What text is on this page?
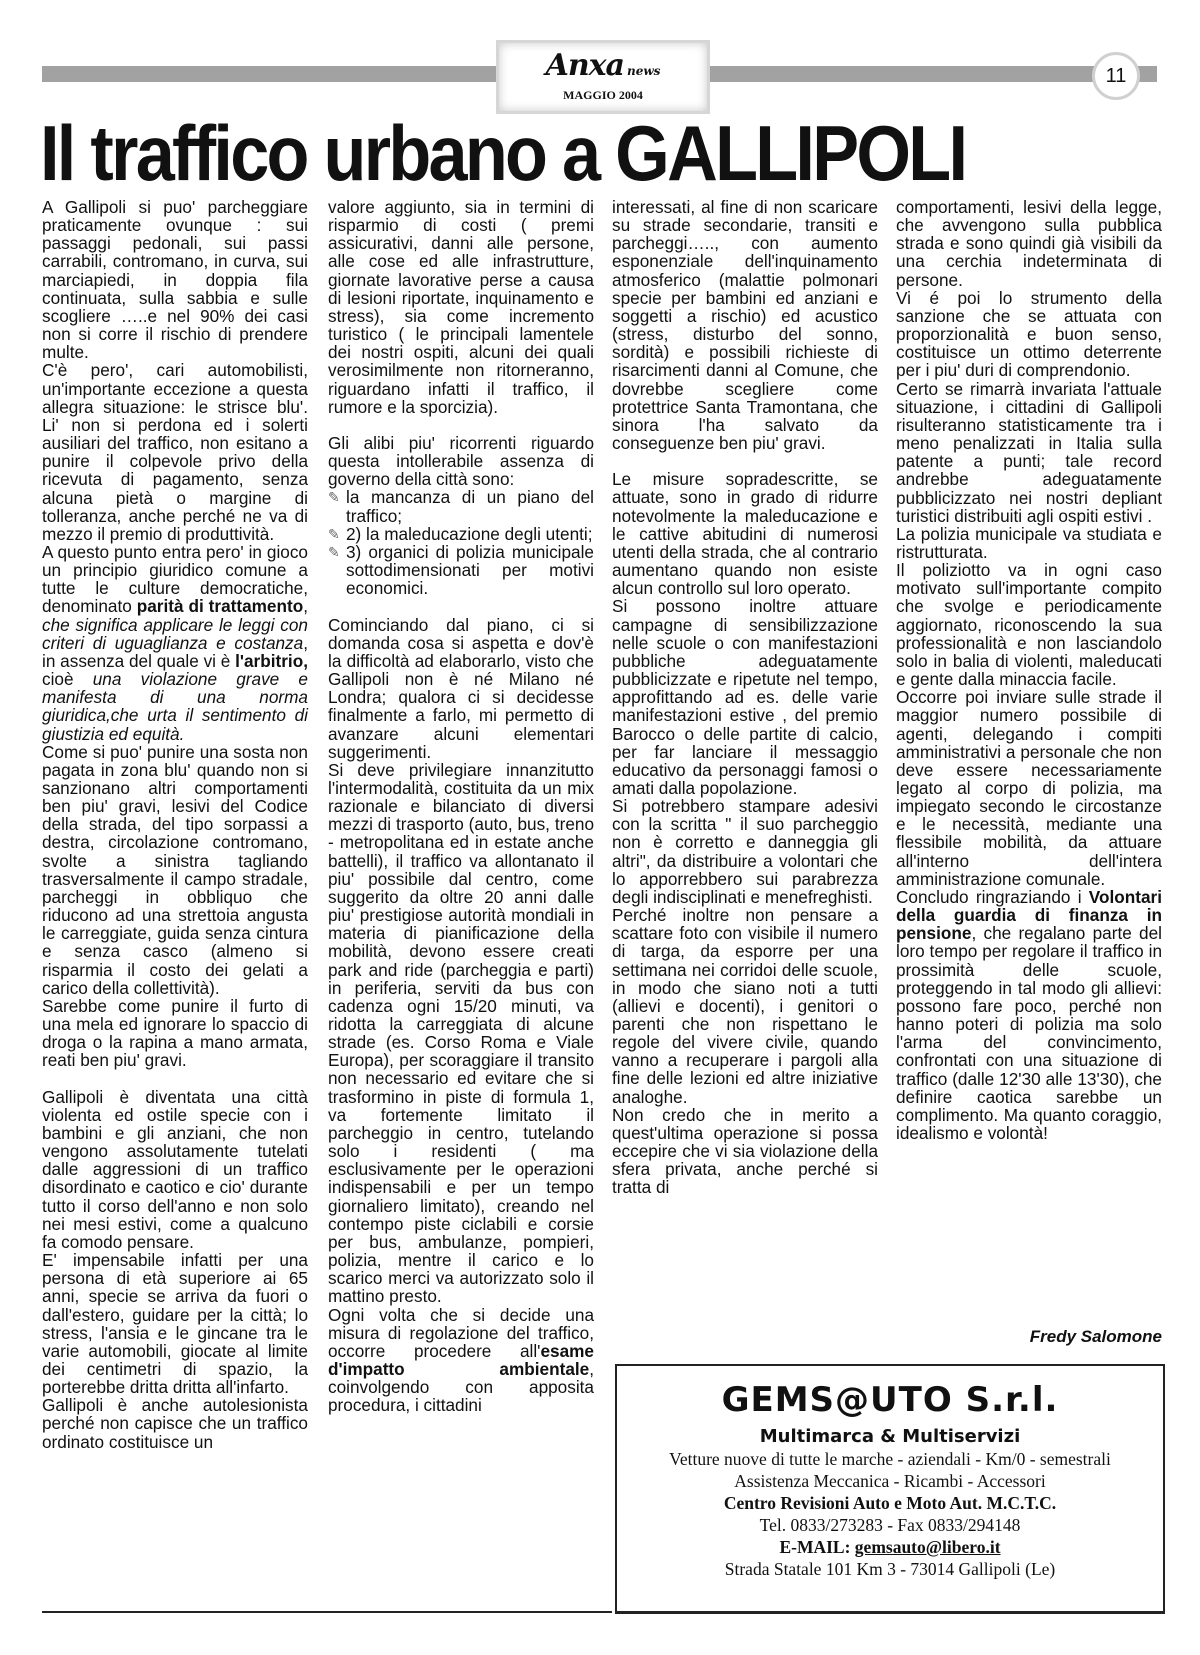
Anxa news
MAGGIO 2004
11
Il traffico urbano a GALLIPOLI

A Gallipoli si puo' parcheggiare praticamente ovunque : sui passaggi pedonali, sui passi carrabili, contromano, in curva, sui marciapiedi, in doppia fila continuata, sulla sabbia e sulle scogliere …..e nel 90% dei casi non si corre il rischio di prendere multe.

C'è pero', cari automobilisti, un'importante eccezione a questa allegra situazione: le strisce blu'. Li' non si perdona ed i solerti ausiliari del traffico, non esitano a punire il colpevole privo della ricevuta di pagamento, senza alcuna pietà o margine di tolleranza, anche perché ne va di mezzo il premio di produttività.

A questo punto entra pero' in gioco un principio giuridico comune a tutte le culture democratiche, denominato parità di trattamento, che significa applicare le leggi con criteri di uguaglianza e costanza, in assenza del quale vi è l'arbitrio, cioè una violazione grave e manifesta di una norma giuridica,che urta il sentimento di giustizia ed equità.

Come si puo' punire una sosta non pagata in zona blu' quando non si sanzionano altri comportamenti ben piu' gravi, lesivi del Codice della strada, del tipo sorpassi a destra, circolazione contromano, svolte a sinistra tagliando trasversalmente il campo stradale, parcheggi in obbliquo che riducono ad una strettoia angusta le carreggiate, guida senza cintura e senza casco (almeno si risparmia il costo dei gelati a carico della collettività).

Sarebbe come punire il furto di una mela ed ignorare lo spaccio di droga o la rapina a mano armata, reati ben piu' gravi.

Gallipoli è diventata una città violenta ed ostile specie con i bambini e gli anziani, che non vengono assolutamente tutelati dalle aggressioni di un traffico disordinato e caotico e cio' durante tutto il corso dell'anno e non solo nei mesi estivi, come a qualcuno fa comodo pensare.

E' impensabile infatti per una persona di età superiore ai 65 anni, specie se arriva da fuori o dall'estero, guidare per la città; lo stress, l'ansia e le gincane tra le varie automobili, giocate al limite dei centimetri di spazio, la porterebbe dritta dritta all'infarto.

Gallipoli è anche autolesionista perché non capisce che un traffico ordinato costituisce un

valore aggiunto, sia in termini di risparmio di costi ( premi assicurativi, danni alle persone, alle cose ed alle infrastrutture, giornate lavorative perse a causa di lesioni riportate, inquinamento e stress), sia come incremento turistico ( le principali lamentele dei nostri ospiti, alcuni dei quali verosimilmente non ritorneranno, riguardano infatti il traffico, il rumore e la sporcizia).

Gli alibi piu' ricorrenti riguardo questa intollerabile assenza di governo della città sono:

✎ la mancanza di un piano del traffico;
✎ 2) la maleducazione degli utenti;
✎ 3) organici di polizia municipale sottodimensionati per motivi economici.

Cominciando dal piano, ci si domanda cosa si aspetta e dov'è la difficoltà ad elaborarlo, visto che Gallipoli non è né Milano né Londra; qualora ci si decidesse finalmente a farlo, mi permetto di avanzare alcuni elementari suggerimenti.

Si deve privilegiare innanzitutto l'intermodalità, costituita da un mix razionale e bilanciato di diversi mezzi di trasporto (auto, bus, treno - metropolitana ed in estate anche battelli), il traffico va allontanato il piu' possibile dal centro, come suggerito da oltre 20 anni dalle piu' prestigiose autorità mondiali in materia di pianificazione della mobilità, devono essere creati park and ride (parcheggia e parti) in periferia, serviti da bus con cadenza ogni 15/20 minuti, va ridotta la carreggiata di alcune strade (es. Corso Roma e Viale Europa), per scoraggiare il transito non necessario ed evitare che si trasformino in piste di formula 1, va fortemente limitato il parcheggio in centro, tutelando solo i residenti ( ma esclusivamente per le operazioni indispensabili e per un tempo giornaliero limitato), creando nel contempo piste ciclabili e corsie per bus, ambulanze, pompieri, polizia, mentre il carico e lo scarico merci va autorizzato solo il mattino presto.

Ogni volta che si decide una misura di regolazione del traffico, occorre procedere all'esame d'impatto ambientale, coinvolgendo con apposita procedura, i cittadini

interessati, al fine di non scaricare su strade secondarie, transiti e parcheggi….., con aumento esponenziale dell'inquinamento atmosferico (malattie polmonari specie per bambini ed anziani e soggetti a rischio) ed acustico (stress, disturbo del sonno, sordità) e possibili richieste di risarcimenti danni al Comune, che dovrebbe scegliere come protettrice Santa Tramontana, che sinora l'ha salvato da conseguenze ben piu' gravi.

Le misure sopradescritte, se attuate, sono in grado di ridurre notevolmente la maleducazione e le cattive abitudini di numerosi utenti della strada, che al contrario aumentano quando non esiste alcun controllo sul loro operato.

Si possono inoltre attuare campagne di sensibilizzazione nelle scuole o con manifestazioni pubbliche adeguatamente pubblicizzate e ripetute nel tempo, approfittando ad es. delle varie manifestazioni estive , del premio Barocco o delle partite di calcio, per far lanciare il messaggio educativo da personaggi famosi o amati dalla popolazione.

Si potrebbero stampare adesivi con la scritta " il suo parcheggio non è corretto e danneggia gli altri", da distribuire a volontari che lo apporrebbero sui parabrezza degli indisciplinati e menefreghisti.

Perché inoltre non pensare a scattare foto con visibile il numero di targa, da esporre per una settimana nei corridoi delle scuole, in modo che siano noti a tutti (allievi e docenti), i genitori o parenti che non rispettano le regole del vivere civile, quando vanno a recuperare i pargoli alla fine delle lezioni ed altre iniziative analoghe.

Non credo che in merito a quest'ultima operazione si possa eccepire che vi sia violazione della sfera privata, anche perché si tratta di

comportamenti, lesivi della legge, che avvengono sulla pubblica strada e sono quindi già visibili da una cerchia indeterminata di persone.

Vi é poi lo strumento della sanzione che se attuata con proporzionalità e buon senso, costituisce un ottimo deterrente per i piu' duri di comprendonio.

Certo se rimarrà invariata l'attuale situazione, i cittadini di Gallipoli risulteranno statisticamente tra i meno penalizzati in Italia sulla patente a punti; tale record andrebbe adeguatamente pubblicizzato nei nostri depliant turistici distribuiti agli ospiti estivi .

La polizia municipale va studiata e ristrutturata.

Il poliziotto va in ogni caso motivato sull'importante compito che svolge e periodicamente aggiornato, riconoscendo la sua professionalità e non lasciandolo solo in balia di violenti, maleducati e gente dalla minaccia facile.

Occorre poi inviare sulle strade il maggior numero possibile di agenti, delegando i compiti amministrativi a personale che non deve essere necessariamente legato al corpo di polizia, ma impiegato secondo le circostanze e le necessità, mediante una flessibile mobilità, da attuare all'interno dell'intera amministrazione comunale.

Concludo ringraziando i Volontari della guardia di finanza in pensione, che regalano parte del loro tempo per regolare il traffico in prossimità delle scuole, proteggendo in tal modo gli allievi: possono fare poco, perché non hanno poteri di polizia ma solo l'arma del convincimento, confrontati con una situazione di traffico (dalle 12'30 alle 13'30), che definire caotica sarebbe un complimento. Ma quanto coraggio, idealismo e volontà!

Fredy Salomone
GEMS@UTO S.r.l.
Multimarca & Multiservizi
Vetture nuove di tutte le marche - aziendali - Km/0 - semestrali
Assistenza Meccanica - Ricambi - Accessori
Centro Revisioni Auto e Moto Aut. M.C.T.C.
Tel. 0833/273283 - Fax 0833/294148
E-MAIL: gemsauto@libero.it
Strada Statale 101 Km 3 - 73014 Gallipoli (Le)
